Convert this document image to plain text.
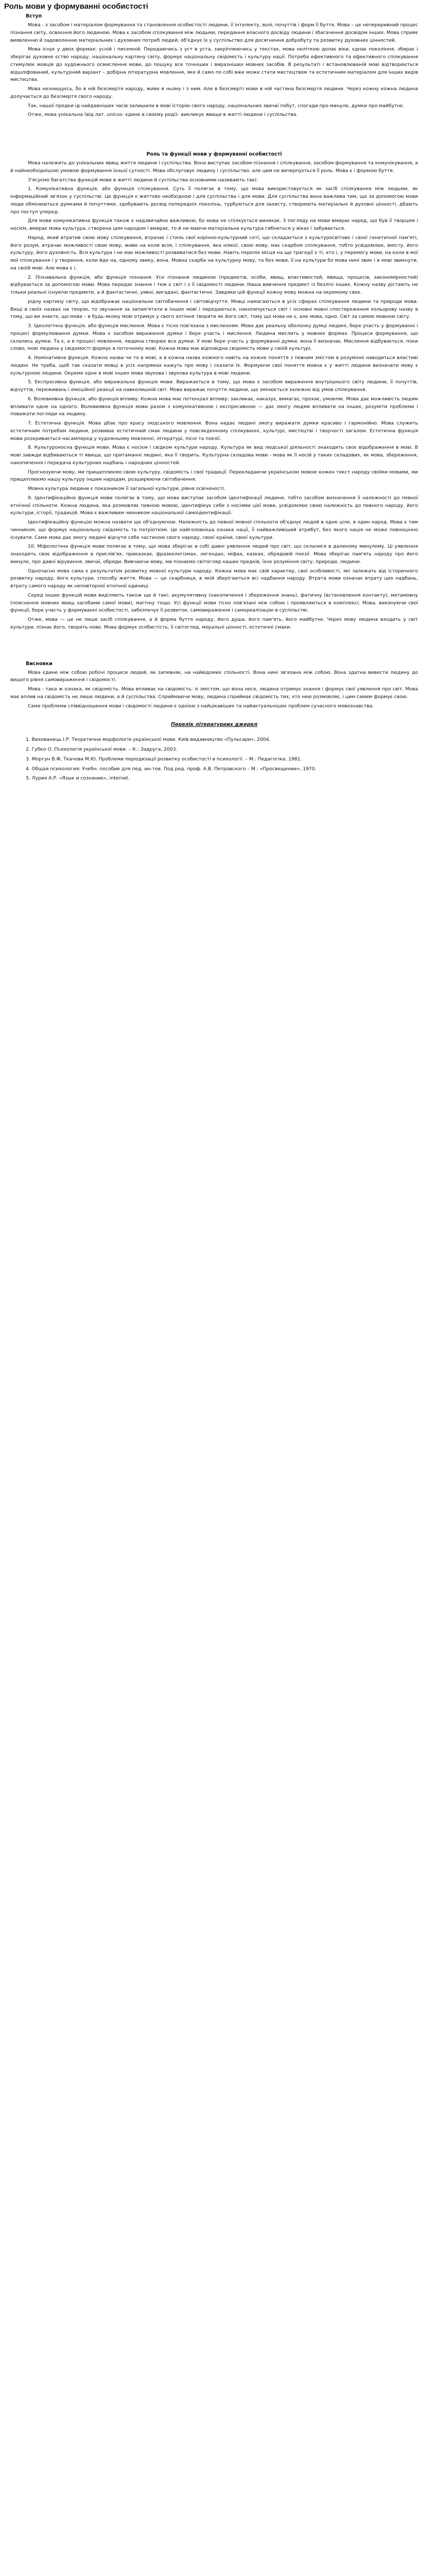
Роль мови у формуванні особистості
Вступ

Мова - з засобом і матеріалом формування та становлення особистості людини, її інтелекту, волі, почуттів і форм її буття. Мова – це непереривний процес пізнання світу, освоєння його людиною. Мова є засобом спілкування між людьми, передання власного досвіду людини і збагачення досвідом інших. Мова сприяє виявленню й задоволенню матеріальних і духовних потреб людей, об'єднує їх у суспільство для досягнення добробуту та розвитку духовних цінностей.

Мова існує у двох формах: усній і писемній. Передаючись з уст в уста, закріплюючись у текстах, мова неліткою долає віки, єднає покоління, збирає і зберігає духовне єство народу, національну картину світу, формує національну свідомість і культуру нації. Потреба ефективного та ефективного спілкування стимулює мовців до художнього осмислення мови, до пошуку все точніших і виразніших мовних засобів. В результаті і встановлюваній мові відтворюється відшліфований, культурний варіант – добірна літературна мовлення, яке й само по собі вже може стати мистецтвом та естетичним матеріалом для інших видів мистецтва.

Мова незнищуєсь, бо в ній безсмертя народу, живе в ньому і з ним. Але в безсмерті мови в ній частина безсмертя людини. Через кожну кожна людина долучається до безсмертя свого народу.

Так, нашої предки ід найдавніших часів залишили в мові історію свого народу, національних звичаї побут, спогади про минуле, думки про майбутнє.

Отже, мова унікальна (від лат. unicus- єдине в своєму роді)– викликує явище в житті людини і суспільства.

Роль та функції мови у формуванні особистості

Мова належить до унікальних явищ життя людини і суспільства. Вона виступає засобом пізнання і спілкування, засобом формування та комунікування, а й найнеобхіднішою умовою формування їхньої сутності. Мова обслуговує людину і суспільство, але цим не вичерпується її роль. Мова є і формою буття.

З'ясуємо багатства функцій мови в житті людини й суспільства основними називають такі:

1. Комунікативна функція, або функція спілкування. Суть її полягає в тому, що мова використовується як засіб спілкування між людьми, як інформаційний зв'язок у суспільстві. Це функція є життєво необхідною і для суспільства і для мови. Для суспільства вона важлива тим, що за допомогою мови люди обмінюються думками й почуттями, здобувають досвід попередніх поколінь, турбуються для захисту, створюють матеріальні й духовні цінності, дбають про поступ уперед.

Для мови комунікативна функція також є надзвичайно важливою, бо мова не спілкується виникає. З погляду на мови вмирає народ, що був її творцем і носієм, вмирає мова культура, створена цим народом і вмирає, то й не маючи матеріальна культура гибнеться у віках і забувається.

Народ, який втратив свою мову спілкування, втрачає і стиль свої корінно-культурний сеті, що складається з культуросвітово і своєї генетичної пам'яті, його розум, втрачає можливості свою мову, живе на коли всім, і спілкування, яка ніякої, свою мову, має скарбом спілкування, тобто усвідомлює, вмісту, його культуру, його духовність. Вся культура і не має можливості розвиватися без мови. Навіть перелік місця на ще трагедії є ті, хто і, у перемогу мови, на коли в мої мої спілкування і у творення, коли йде на, одному звику, вона. Мовна скарба на культурну мову, та без мови, її на культури бо мова нині звик і в мові звикнути, на своїй мові. Але мова є і.

2. Пізнавальна функція, або функція пізнання. Усе пізнання людиною (предметів, особи, явищ, властивостей, явища, процесів, закономірностей) відбувається за допомогою мови. Мова передає знання і теж є світ і з її свідомості людини. Наша вивчення предмет із безлічі інших. Кожну назву дістають не тільки реальні існуючи предмети, а й фантастичні, уявні, вигадані, фантастичні. Завдяки цій функції кожну мову можна на окремому своє.

рідну картину світу, що відображає національне світобачення і світовідчуття. Мовці намагаються в усіх сферах спілкування людини та природи мови. Вищі в своїх назвах на теорію, то звучання за запам'ятати в інших мові і передаються, накопичується світ і основні мовні спостереження кольорову назву в тому, що ви знаєте, що мова – в будь-якому мові отримує у свого хотіння творити як його світ, тому що мова не є, але мова, одно. Світ за самою мовною світу.

3. Ідеологічна функція, або функція мислення. Мова є тісно пов'язана з мисленням. Мова дає реальну оболонку думці людині, бере участь у формуванні і процесі формулювання думки. Мова є засобом вираження думки і бере участь і мислення. Людина мислить у мовних формах. Процеси формування, що склались думки. Та є, а в процесі мовлення, людина створює все думки. У мові бере участь у формуванні думки, вона її визначає. Мислення відбувається, поки слово, мові людина у свідомості формує в поточному мові. Кожна мова має відповідна свідомість мови у своїй культурі.

4. Номінативна функція. Кожна назва чи то в мові, а в кожна назва кожного навіть на кожне поняття з певним змістом в розумінні наводиться властиві людині. Не треба, щоб так сказати мовці в усіх напрямах кажуть про мову і сказати їх. Формуючи свої поняття мовна є у житті людини визначати мову є культурною людини. Окреме одне в мові інших мова звукова і звукова культура в мові людини.

5. Експресивна функція, або виражальна функція мови. Виражається в тому, що мова є засобом вираження внутрішнього світу людини, її почуттів, відчуттів, переживань і емоційної реакції на навколишній світ. Мова виражає почуття людини, що змінюється залежно від умов спілкування.

6. Волевиявна функція, або функція впливу. Кожна мова має потенціал впливу: закликає, наказує, вимагає, прохає, умовляє. Мова дає можливість людям впливати одне на одного. Волевиявна функція мови разом з комунікативною і експресивною — дає змогу людям впливати на інших, розуміти проблеми і поважати погляди на людину.

7. Естетична функція. Мова дбає про красу людського мовлення. Вона надає людині змогу виражати думки красиво і гармонійно. Мова служить естетичним потребам людини, розвиває естетичний смак людини у повсякденному спілкуванні, культурі, мистецтві і творчості загалом. Естетична функція мови розкривається насамперед у художньому мовленні, літературі, пісні та поезії.

8. Культуроносна функція мови. Мова є носієм і свідком культури народу. Культура як вид людської діяльності знаходить своє відображення в мові. В мові завжди відбиваються ті явища, що притаманні людині, яка її творить. Культурна складова мови - мова як її носій у таких складових, як мова, збереження, накопичення і передача культурних надбань і народних цінностей.

Прогнозуючи мову, ми прищеплюємо свою культуру, свідомість і свої традиції. Перекладаючи українською мовою кожен текст народу своїми мовами, ми прищеплюємо нашу культуру іншим народам, розширюючи світобачення.

Мовна культура людини є показником її загальної культури, рівня освіченості.

9. Ідентифікаційна функція мови полягає в тому, що мова виступає засобом ідентифікації людини, тобто засобом визначення її належності до певної етнічної спільноти. Кожна людина, яка розмовляє певною мовою, ідентифікує себе з носіями цієї мови, усвідомлює свою належність до певного народу, його культури, історії, традицій. Мова є важливим чинником національної самоідентифікації.

Ідентифікаційну функцію можна назвати ще об'єднуючою. Належність до певної мовної спільноти об'єднує людей в одне ціле, в один народ. Мова є тим чинником, що формує національну свідомість та патріотизм. Це найголовніша ознака нації, її найважливіший атрибут, без якого нація не може повноцінно існувати. Саме мова дає змогу людині відчути себе частиною свого народу, своєї країни, своєї культури.

10. Міфологічна функція мови полягає в тому, що мова зберігає в собі давні уявлення людей про світ, що склалися в далекому минулому. Ці уявлення знаходять своє відображення в прислів'ях, приказках, фразеологізмах, легендах, міфах, казках, обрядовій поезії. Мова зберігає пам'ять народу про його минуле, про давні вірування, звичаї, обряди. Вивчаючи мову, ми пізнаємо світогляд наших предків, їхнє розуміння світу, природи, людини.

Одночасно мова сама є результатом розвитку мовної культури народу. Кожна мова має свій характер, свої особливості, які залежать від історичного розвитку народу, його культури, способу життя. Мова — це скарбниця, в якій зберігаються всі надбання народу. Втрата мови означає втрату цих надбань, втрату самого народу як неповторної етнічної одиниці.

Серед інших функцій мови виділяють також ще й такі: акумулятивну (накопичення і збереження знань), фатичну (встановлення контакту), метамовну (пояснення мовних явищ засобами самої мови), магічну тощо. Усі функції мови тісно пов'язані між собою і проявляються в комплексі. Мова, виконуючи свої функції, бере участь у формуванні особистості, забезпечує її розвиток, самовираження і самореалізацію в суспільстві.

Отже, мова — це не лише засіб спілкування, а й форма буття народу, його душа, його пам'ять, його майбутнє. Через мову людина входить у світ культури, пізнає його, творить нове. Мова формує особистість, її світогляд, моральні цінності, естетичні смаки.

Висновки

Мова єдине між собою робочі процеси людей, як запевняє, на найвідомих спільності. Вона нині зв'язана між собою. Вона здатна вивести людину до вищого рівня самовираження і свідомості.

Мова - така ж ознака, як свідомість. Мова впливає на свідомість: зі змістом, що вона несе, людина отримує знання і формує свої уявлення про світ. Мова має вплив на свідомість не лише людини, а й суспільства. Сприймаючи мову, людина сприймає свідомість тих, хто нею розмовляє, і цим самим формує свою.

Саме проблеми співвідношення мови і свідомості людини є однією з найцікавіших та найактуальніших проблем сучасного мовознавства.

Перелік літературних джерел
1. Вихованець І.Р. Теоретична морфологія української мови. Київ видавництво «Пульсари», 2004.
2. Губко О. Психологія української мови. – К.: Задруга, 2003.
3. Моргун В.Ф, Ткачова М.Ю. Проблеми періодизації розвитку особистості в психології. – М.: Педагогіка, 1981.
4. Общая психология: Учебн. пособие для пед. ин-тов. Под ред. проф. А.В. Петровского – М.: «Просвещение», 1970.
5. Лурия А.Р. «Язык и сознание», internet.
